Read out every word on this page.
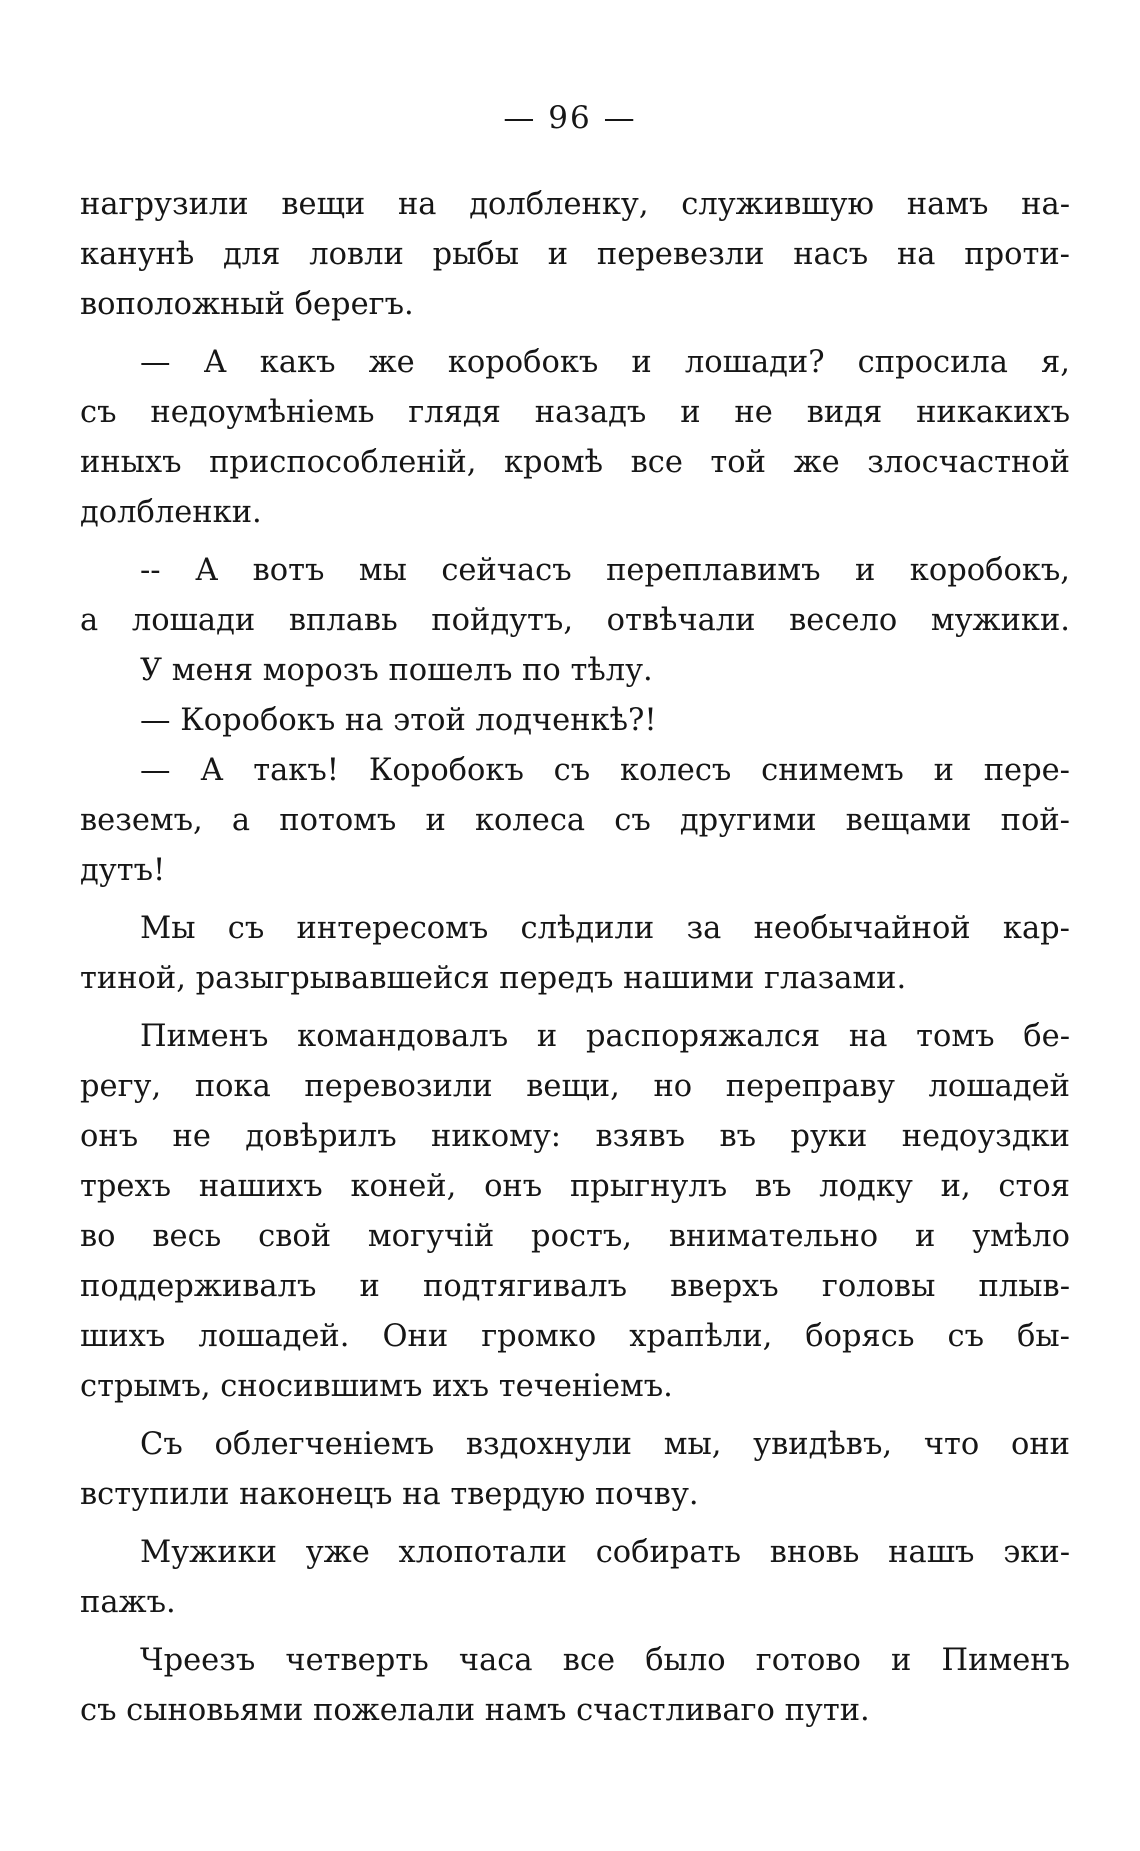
— 96 —
нагрузили вещи на долбленку, служившую намъ на-
канунѣ для ловли рыбы и перевезли насъ на проти-
воположный берегъ.
— А какъ же коробокъ и лошади? спросила я,
съ недоумѣніемь глядя назадъ и не видя никакихъ
иныхъ приспособленій, кромѣ все той же злосчастной
долбленки.
-- А вотъ мы сейчасъ переплавимъ и коробокъ,
а лошади вплавь пойдутъ, отвѣчали весело мужики.
У меня морозъ пошелъ по тѣлу.
— Коробокъ на этой лодченкѣ?!
— А такъ! Коробокъ съ колесъ снимемъ и пере-
веземъ, а потомъ и колеса съ другими вещами пой-
дутъ!
Мы съ интересомъ слѣдили за необычайной кар-
тиной, разыгрывавшейся передъ нашими глазами.
Пименъ командовалъ и распоряжался на томъ бе-
регу, пока перевозили вещи, но переправу лошадей
онъ не довѣрилъ никому: взявъ въ руки недоуздки
трехъ нашихъ коней, онъ прыгнулъ въ лодку и, стоя
во весь свой могучій ростъ, внимательно и умѣло
поддерживалъ и подтягивалъ вверхъ головы плыв-
шихъ лошадей. Они громко храпѣли, борясь съ бы-
стрымъ, сносившимъ ихъ теченіемъ.
Съ облегченіемъ вздохнули мы, увидѣвъ, что они
вступили наконецъ на твердую почву.
Мужики уже хлопотали собирать вновь нашъ эки-
пажъ.
Чреезъ четверть часа все было готово и Пименъ
съ сыновьями пожелали намъ счастливаго пути.
